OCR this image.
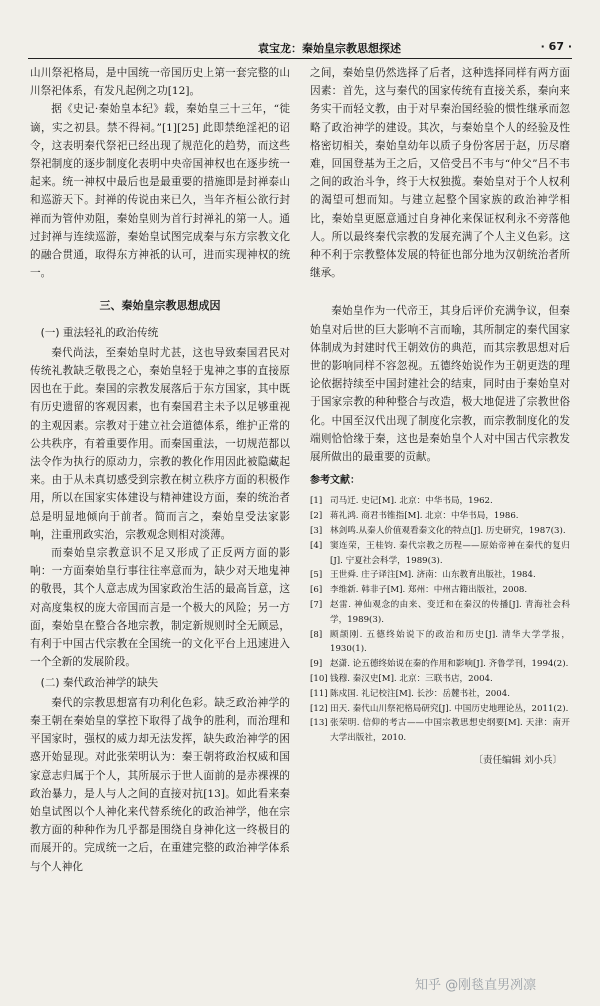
袁宝龙：秦始皇宗教思想探述	· 67 ·

山川祭祀格局，是中国统一帝国历史上第一套完整的山川祭祀体系，有发凡起例之功[12]。

据《史记·秦始皇本纪》载，秦始皇三十三年，“徙谪，实之初县。禁不得祠。”[1][25] 此即禁绝淫祀的诏令，这表明秦代祭祀已经出现了规范化的趋势，而这些祭祀制度的逐步制度化表明中央帝国神权也在逐步统一起来。统一神权中最后也是最重要的措施即是封禅泰山和巡游天下。封禅的传说由来已久，当年齐桓公欲行封禅而为管仲劝阻，秦始皇则为首行封禅礼的第一人。通过封禅与连续巡游，秦始皇试图完成秦与东方宗教文化的融合贯通，取得东方神祇的认可，进而实现神权的统一。

三、秦始皇宗教思想成因
(一) 重法轻礼的政治传统

秦代尚法，至秦始皇时尤甚，这也导致秦国君民对传统礼教缺乏敬畏之心，秦始皇轻于鬼神之事的直接原因也在于此。秦国的宗教发展落后于东方国家，其中既有历史遗留的客观因素，也有秦国君主未予以足够重视的主观因素。宗教对于建立社会道德体系，维护正常的公共秩序，有着重要作用。而秦国重法，一切规范都以法令作为执行的原动力，宗教的教化作用因此被隐藏起来。由于从未真切感受到宗教在树立秩序方面的积极作用，所以在国家实体建设与精神建设方面，秦的统治者总是明显地倾向于前者。简而言之，秦始皇受法家影响，注重刑政实治，宗教观念则相对淡薄。

而秦始皇宗教意识不足又形成了正反两方面的影响：一方面秦始皇行事往往率意而为，缺少对天地鬼神的敬畏，其个人意志成为国家政治生活的最高旨意，这对高度集权的庞大帝国而言是一个极大的风险；另一方面，秦始皇在整合各地宗教，制定新规则时全无顾忌，有利于中国古代宗教在全国统一的文化平台上迅速进入一个全新的发展阶段。

(二) 秦代政治神学的缺失

秦代的宗教思想富有功利化色彩。缺乏政治神学的秦王朝在秦始皇的掌控下取得了战争的胜利，而治理和平国家时，强权的威力却无法发挥，缺失政治神学的困惑开始显现。对此张荣明认为：秦王朝将政治权威和国家意志归属于个人，其所展示于世人面前的是赤裸裸的政治暴力，是人与人之间的直接对抗[13]。如此看来秦始皇试图以个人神化来代替系统化的政治神学，他在宗教方面的种种作为几乎都是围绕自身神化这一终极目的而展开的。完成统一之后，在重建完整的政治神学体系与个人神化

之间，秦始皇仍然选择了后者，这种选择同样有两方面因素：首先，这与秦代的国家传统有直接关系，秦向来务实干而轻文教，由于对早秦治国经验的惯性继承而忽略了政治神学的建设。其次，与秦始皇个人的经验及性格密切相关，秦始皇幼年以质子身份客居于赵，历尽磨难，回国登基为王之后，又倍受吕不韦与“仲父”吕不韦之间的政治斗争，终于大权独揽。秦始皇对于个人权利的渴望可想而知。与建立起整个国家族的政治神学相比，秦始皇更愿意通过自身神化来保证权利永不旁落他人。所以最终秦代宗教的发展充满了个人主义色彩。这种不利于宗教整体发展的特征也部分地为汉朝统治者所继承。

秦始皇作为一代帝王，其身后评价充满争议，但秦始皇对后世的巨大影响不言而喻，其所制定的秦代国家体制成为封建时代王朝效仿的典范，而其宗教思想对后世的影响同样不容忽视。五德终始说作为王朝更迭的理论依据持续至中国封建社会的结束，同时由于秦始皇对于国家宗教的种种整合与改造，极大地促进了宗教世俗化。中国至汉代出现了制度化宗教，而宗教制度化的发端则恰恰缘于秦，这也是秦始皇个人对中国古代宗教发展所做出的最重要的贡献。

参考文献：
[1] 司马迁. 史记[M]. 北京：中华书局，1962.
[2] 蒋礼鸿. 商君书锥指[M]. 北京：中华书局，1986.
[3] 林剑鸣.从秦人价值观看秦文化的特点[J]. 历史研究，1987(3).
[4] 窦连荣，王桂钧. 秦代宗教之历程——原始帝神在秦代的复归[J]. 宁夏社会科学，1989(3).
[5] 王世舜. 庄子译注[M]. 济南：山东教育出版社，1984.
[6] 李维新. 韩非子[M]. 郑州：中州古籍出版社，2008.
[7] 赵雷. 神仙观念的由来、变迁和在秦汉的传播[J]. 青海社会科学，1989(3).
[8] 顾颉刚. 五德终始说下的政治和历史[J]. 清华大学学报，1930(1).
[9] 赵潇. 论五德终始说在秦的作用和影响[J]. 齐鲁学刊，1994(2).
[10] 钱穆. 秦汉史[M]. 北京：三联书店，2004.
[11] 陈戍国. 礼记校注[M]. 长沙：岳麓书社，2004.
[12] 田天. 秦代山川祭祀格局研究[J]. 中国历史地理论丛，2011(2).
[13] 张荣明. 信仰的考古——中国宗教思想史纲要[M]. 天津：南开大学出版社，2010.
〔责任编辑 刘小兵〕
知乎 @刚毯直男冽凛
